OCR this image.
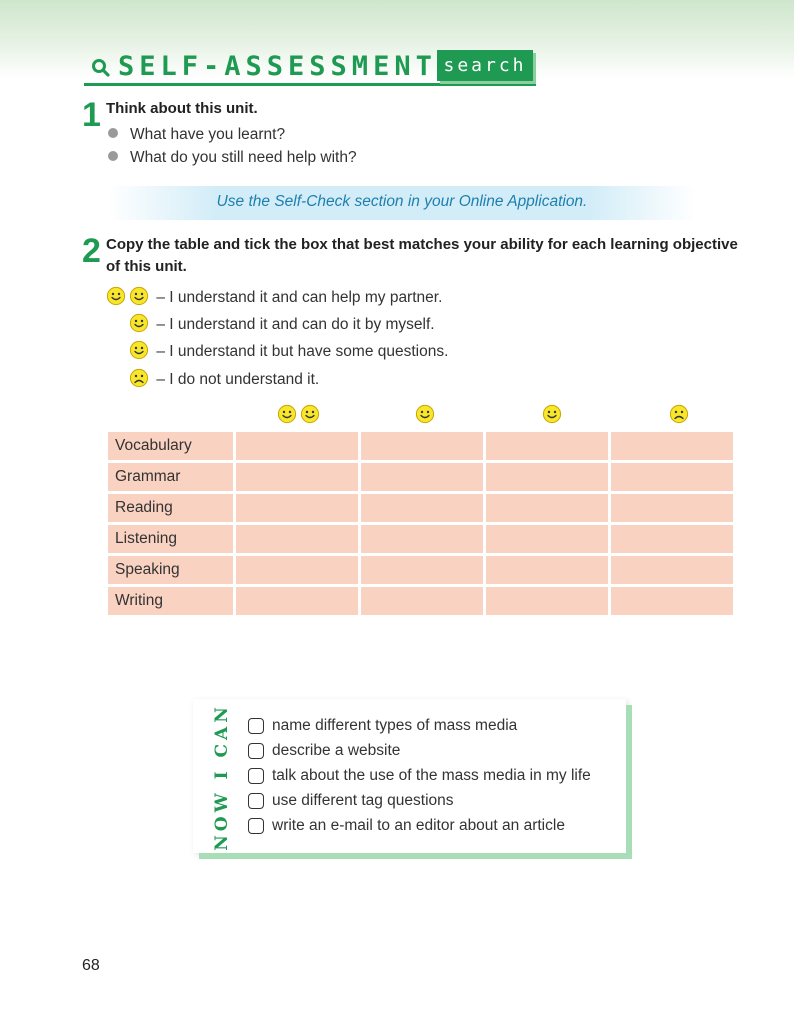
SELF-ASSESSMENT search
1 Think about this unit.
What have you learnt?
What do you still need help with?
Use the Self-Check section in your Online Application.
2 Copy the table and tick the box that best matches your ability for each learning objective
of this unit.
– I understand it and can help my partner.
– I understand it and can do it by myself.
– I understand it but have some questions.
– I do not understand it.
Vocabulary				
Grammar				
Reading				
Listening				
Speaking				
Writing				
NOW I CAN	name different types of mass media
describe a website
talk about the use of the mass media in my life
use different tag questions
write an e-mail to an editor about an article
68
